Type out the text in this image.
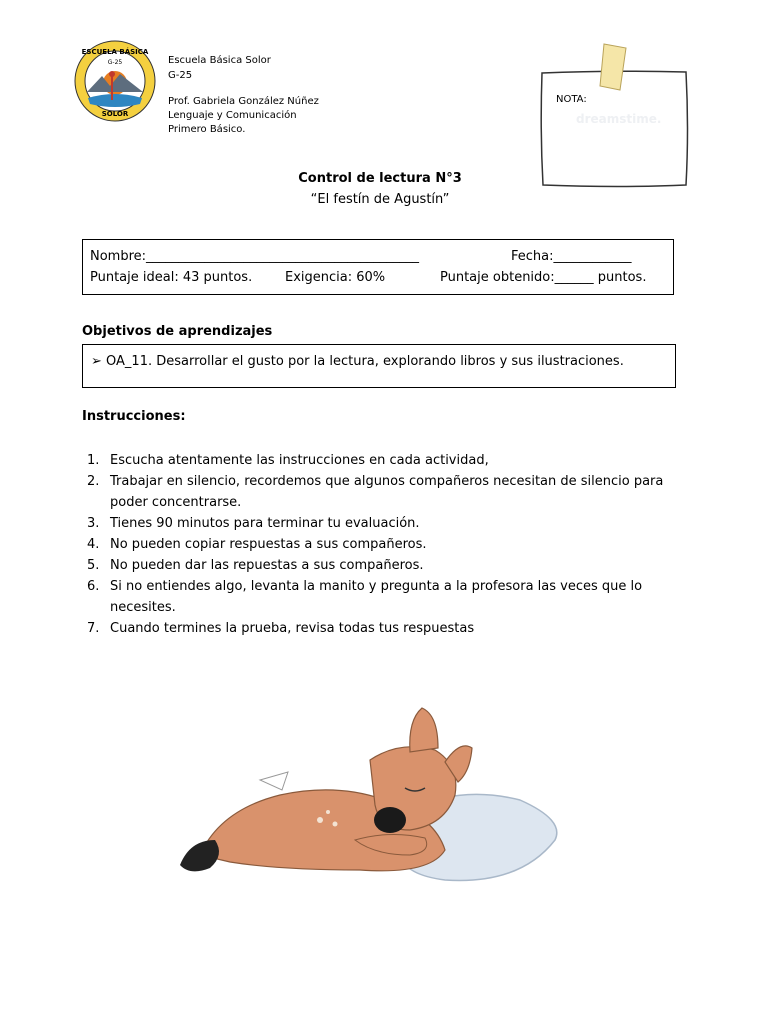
ESCUELA BÁSICA
G-25
SOLOR
Escuela Básica Solor
G-25
Prof. Gabriela González Núñez
Lenguaje y Comunicación
Primero Básico.
NOTA:
dreamstime.
Control de lectura N°3
“El festín de Agustín”
Nombre:__________________________________________	Fecha:____________
Puntaje ideal: 43 puntos.	Exigencia: 60%	Puntaje obtenido:______ puntos.
Objetivos de aprendizajes
➢ OA_11. Desarrollar el gusto por la lectura, explorando libros y sus ilustraciones.
Instrucciones:
1. Escucha atentamente las instrucciones en cada actividad,
2. Trabajar en silencio, recordemos que algunos compañeros necesitan de silencio para poder concentrarse.
3. Tienes 90 minutos para terminar tu evaluación.
4. No pueden copiar respuestas a sus compañeros.
5. No pueden dar las repuestas a sus compañeros.
6. Si no entiendes algo, levanta la manito y pregunta a la profesora las veces que lo necesites.
7. Cuando termines la prueba, revisa todas tus respuestas
